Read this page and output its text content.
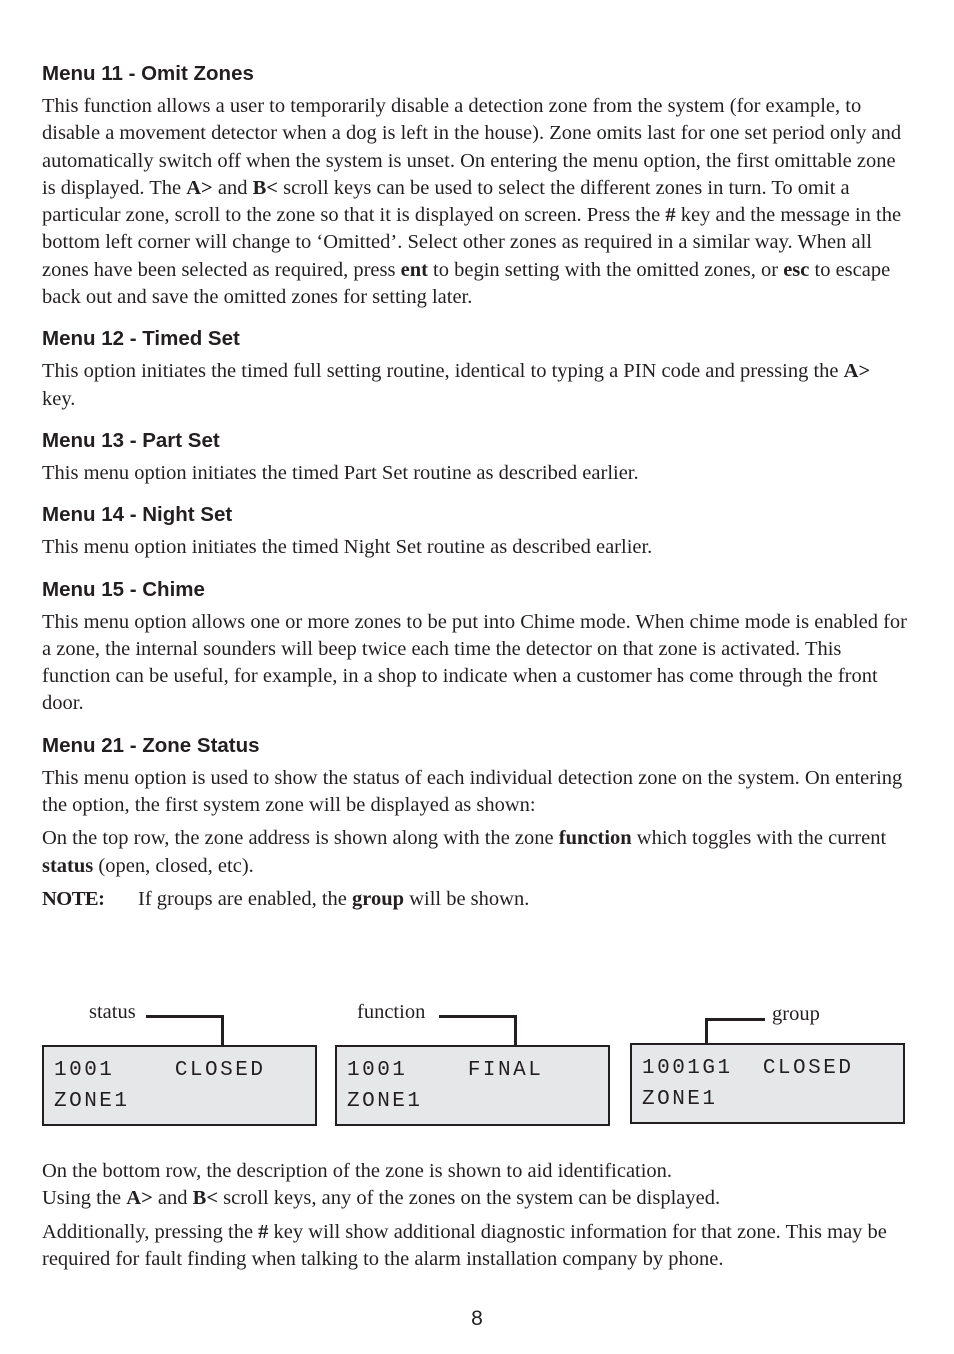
Menu 11 - Omit Zones

This function allows a user to temporarily disable a detection zone from the system (for example, to disable a movement detector when a dog is left in the house). Zone omits last for one set period only and automatically switch off when the system is unset. On entering the menu option, the first omittable zone is displayed. The A> and B< scroll keys can be used to select the different zones in turn. To omit a particular zone, scroll to the zone so that it is displayed on screen. Press the # key and the message in the bottom left corner will change to ‘Omitted’. Select other zones as required in a similar way. When all zones have been selected as required, press ent to begin setting with the omitted zones, or esc to escape back out and save the omitted zones for setting later.

Menu 12 - Timed Set

This option initiates the timed full setting routine, identical to typing a PIN code and pressing the A> key.

Menu 13 - Part Set

This menu option initiates the timed Part Set routine as described earlier.

Menu 14 - Night Set

This menu option initiates the timed Night Set routine as described earlier.

Menu 15 - Chime

This menu option allows one or more zones to be put into Chime mode. When chime mode is enabled for a zone, the internal sounders will beep twice each time the detector on that zone is activated. This function can be useful, for example, in a shop to indicate when a customer has come through the front door.

Menu 21 - Zone Status

This menu option is used to show the status of each individual detection zone on the system. On entering the option, the first system zone will be displayed as shown:

On the top row, the zone address is shown along with the zone function which toggles with the current status (open, closed, etc).

NOTE:	If groups are enabled, the group will be shown.

status	function	group
1001    CLOSED
ZONE1
1001    FINAL
ZONE1
1001G1  CLOSED
ZONE1

On the bottom row, the description of the zone is shown to aid identification.
Using the A> and B< scroll keys, any of the zones on the system can be displayed.

Additionally, pressing the # key will show additional diagnostic information for that zone. This may be required for fault finding when talking to the alarm installation company by phone.

8
